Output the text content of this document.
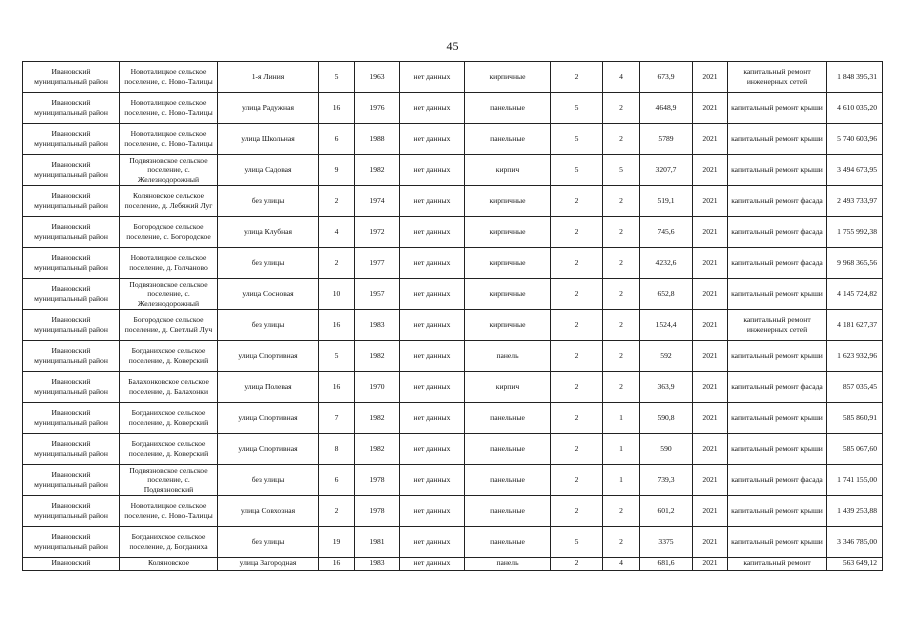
45
Ивановский муниципальный район	Новоталицкое сельское поселение, с. Ново-Талицы	1-я Линия	5	1963	нет данных	кирпичные	2	4	673,9	2021	капитальный ремонт инженерных сетей	1 848 395,31
Ивановский муниципальный район	Новоталицкое сельское поселение, с. Ново-Талицы	улица Радужная	16	1976	нет данных	панельные	5	2	4648,9	2021	капитальный ремонт крыши	4 610 035,20
Ивановский муниципальный район	Новоталицкое сельское поселение, с. Ново-Талицы	улица Школьная	6	1988	нет данных	панельные	5	2	5789	2021	капитальный ремонт крыши	5 740 603,96
Ивановский муниципальный район	Подвязновское сельское поселение, с. Железнодорожный	улица Садовая	9	1982	нет данных	кирпич	5	5	3207,7	2021	капитальный ремонт крыши	3 494 673,95
Ивановский муниципальный район	Коляновское сельское поселение, д. Лебяжий Луг	без улицы	2	1974	нет данных	кирпичные	2	2	519,1	2021	капитальный ремонт фасада	2 493 733,97
Ивановский муниципальный район	Богородское сельское поселение, с. Богородское	улица Клубная	4	1972	нет данных	кирпичные	2	2	745,6	2021	капитальный ремонт фасада	1 755 992,38
Ивановский муниципальный район	Новоталицкое сельское поселение, д. Голчаново	без улицы	2	1977	нет данных	кирпичные	2	2	4232,6	2021	капитальный ремонт фасада	9 968 365,56
Ивановский муниципальный район	Подвязновское сельское поселение, с. Железнодорожный	улица Сосновая	10	1957	нет данных	кирпичные	2	2	652,8	2021	капитальный ремонт крыши	4 145 724,82
Ивановский муниципальный район	Богородское сельское поселение, д. Светлый Луч	без улицы	16	1983	нет данных	кирпичные	2	2	1524,4	2021	капитальный ремонт инженерных сетей	4 181 627,37
Ивановский муниципальный район	Богданихское сельское поселение, д. Коверский	улица Спортивная	5	1982	нет данных	панель	2	2	592	2021	капитальный ремонт крыши	1 623 932,96
Ивановский муниципальный район	Балахонковское сельское поселение, д. Балахонки	улица Полевая	16	1970	нет данных	кирпич	2	2	363,9	2021	капитальный ремонт фасада	857 035,45
Ивановский муниципальный район	Богданихское сельское поселение, д. Коверский	улица Спортивная	7	1982	нет данных	панельные	2	1	590,8	2021	капитальный ремонт крыши	585 860,91
Ивановский муниципальный район	Богданихское сельское поселение, д. Коверский	улица Спортивная	8	1982	нет данных	панельные	2	1	590	2021	капитальный ремонт крыши	585 067,60
Ивановский муниципальный район	Подвязновское сельское поселение, с. Подвязновский	без улицы	6	1978	нет данных	панельные	2	1	739,3	2021	капитальный ремонт фасада	1 741 155,00
Ивановский муниципальный район	Новоталицкое сельское поселение, с. Ново-Талицы	улица Совхозная	2	1978	нет данных	панельные	2	2	601,2	2021	капитальный ремонт крыши	1 439 253,88
Ивановский муниципальный район	Богданихское сельское поселение, д. Богданиха	без улицы	19	1981	нет данных	панельные	5	2	3375	2021	капитальный ремонт крыши	3 346 785,00
Ивановский	Коляновское	улица Загородная	16	1983	нет данных	панель	2	4	681,6	2021	капитальный ремонт	563 649,12
